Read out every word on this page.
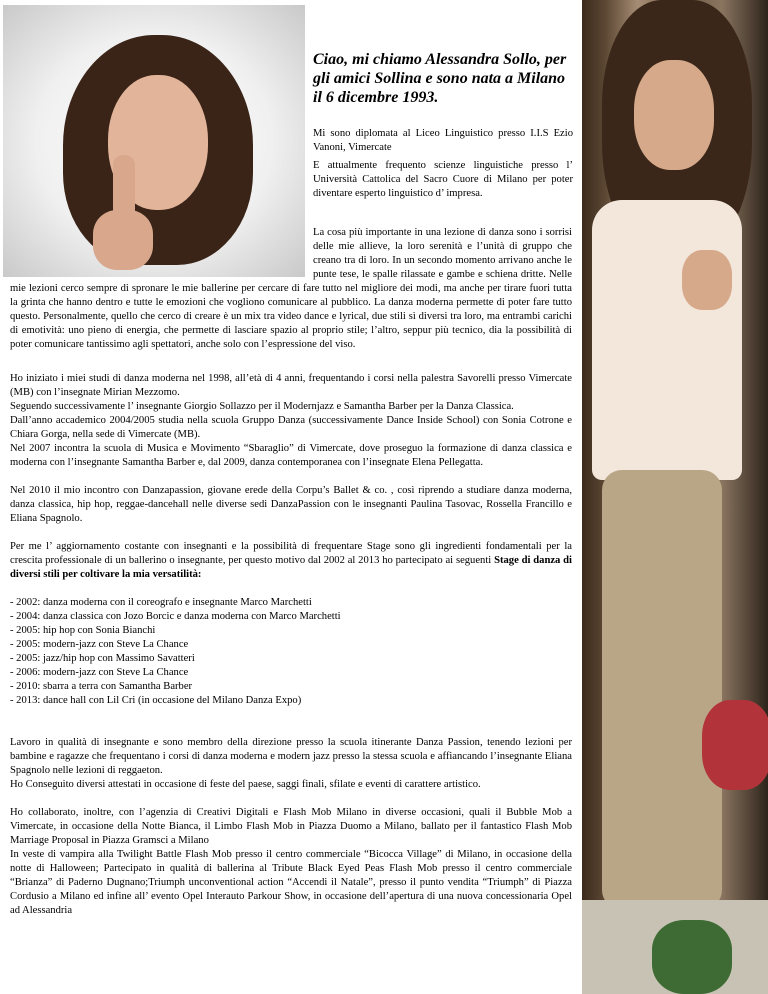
Ciao, mi chiamo Alessandra Sollo, per gli amici Sollina e sono nata a Milano il 6 dicembre 1993.

Mi sono diplomata al Liceo Linguistico presso I.I.S Ezio Vanoni, Vimercate

E attualmente frequento scienze linguistiche presso l’ Università Cattolica del Sacro Cuore di Milano per poter diventare esperto linguistico d’ impresa.

La cosa più importante in una lezione di danza sono i sorrisi delle mie allieve, la loro serenità e l’unità di gruppo che creano tra di loro. In un secondo momento arrivano anche le punte tese, le spalle rilassate e gambe e schiena dritte. Nelle mie lezioni cerco sempre di spronare le mie ballerine per cercare di fare tutto nel migliore dei modi, ma anche per tirare fuori tutta la grinta che hanno dentro e tutte le emozioni che vogliono comunicare al pubblico. La danza moderna permette di poter fare tutto questo. Personalmente, quello che cerco di creare è un mix tra video dance e lyrical, due stili sì diversi tra loro, ma entrambi carichi di emotività: uno pieno di energia, che permette di lasciare spazio al proprio stile; l’altro, seppur più tecnico, dia la possibilità di poter comunicare tantissimo agli spettatori, anche solo con l’espressione del viso.

Ho iniziato i miei studi di danza moderna nel 1998, all’età di 4 anni, frequentando i corsi nella palestra Savorelli presso Vimercate (MB) con l’insegnate Mirian Mezzomo.

Seguendo successivamente l’ insegnante Giorgio Sollazzo per il Modernjazz e Samantha Barber per la Danza Classica.

Dall’anno accademico 2004/2005 studia nella scuola Gruppo Danza (successivamente Dance Inside School) con Sonia Cotrone e Chiara Gorga, nella sede di Vimercate (MB).

Nel 2007 incontra la scuola di Musica e Movimento “Sbaraglio” di Vimercate, dove proseguo la formazione di danza classica e moderna con l’insegnante Samantha Barber e, dal 2009, danza contemporanea con l’insegnate Elena Pellegatta.

Nel 2010 il mio incontro con Danzapassion, giovane erede della Corpu’s Ballet & co. , così riprendo a studiare danza moderna, danza classica, hip hop, reggae-dancehall nelle diverse sedi DanzaPassion con le insegnanti Paulina Tasovac, Rossella Francillo e Eliana Spagnolo.

Per me l’ aggiornamento costante con insegnanti e la possibilità di frequentare Stage sono gli ingredienti fondamentali per la crescita professionale di un ballerino o insegnante, per questo motivo dal 2002 al 2013 ho partecipato ai seguenti Stage di danza di diversi stili per coltivare la mia versatilità:

- 2002: danza moderna con il coreografo e insegnante Marco Marchetti
- 2004: danza classica con Jozo Borcic e danza moderna con Marco Marchetti
- 2005: hip hop con Sonia Bianchi
- 2005: modern-jazz con Steve La Chance
- 2005: jazz/hip hop con Massimo Savatteri
- 2006: modern-jazz con Steve La Chance
- 2010: sbarra a terra con Samantha Barber
- 2013: dance hall con Lil Cri (in occasione del Milano Danza Expo)

Lavoro in qualità di insegnante e sono membro della direzione presso la scuola itinerante Danza Passion, tenendo lezioni per bambine e ragazze che frequentano i corsi di danza moderna e modern jazz presso la stessa scuola e affiancando l’insegnante Eliana Spagnolo nelle lezioni di reggaeton.

Ho Conseguito diversi attestati in occasione di feste del paese, saggi finali, sfilate e eventi di carattere artistico.

Ho collaborato, inoltre, con l’agenzia di Creativi Digitali e Flash Mob Milano in diverse occasioni, quali il Bubble Mob a Vimercate, in occasione della Notte Bianca, il Limbo Flash Mob in Piazza Duomo a Milano, ballato per il fantastico Flash Mob Marriage Proposal in Piazza Gramsci a Milano

In veste di vampira alla Twilight Battle Flash Mob presso il centro commerciale “Bicocca Village” di Milano, in occasione della notte di Halloween; Partecipato in qualità di ballerina al Tribute Black Eyed Peas Flash Mob presso il centro commerciale “Brianza” di Paderno Dugnano;Triumph unconventional action “Accendi il Natale”, presso il punto vendita “Triumph” di Piazza Cordusio a Milano ed infine all’ evento Opel Interauto Parkour Show, in occasione dell’apertura di una nuova concessionaria Opel ad Alessandria
